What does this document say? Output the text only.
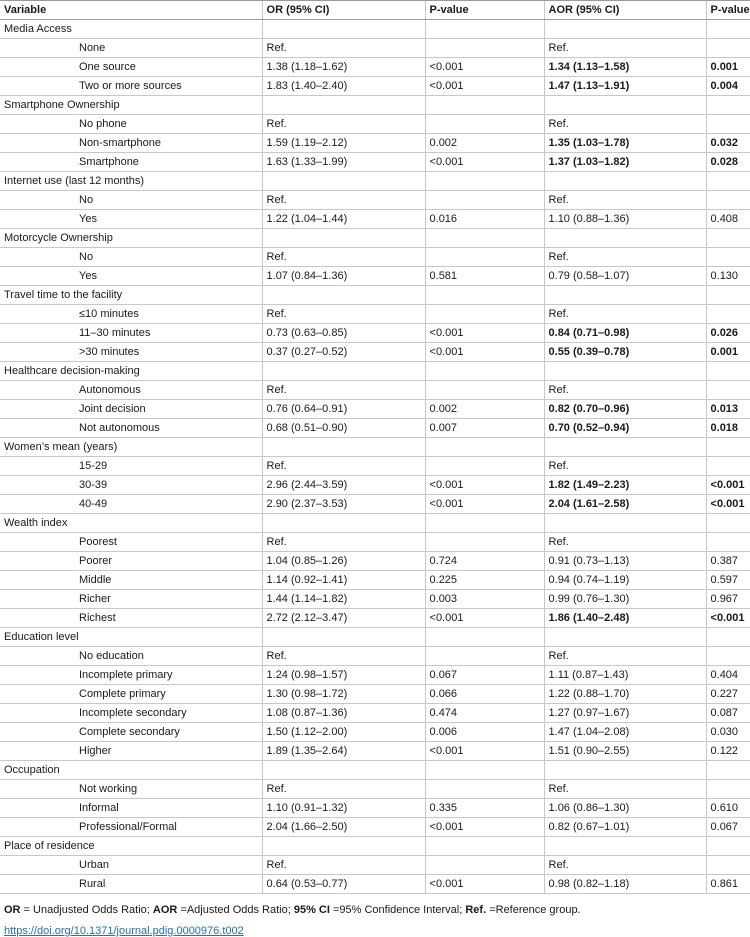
Variable		OR (95% CI)	P-value	AOR (95% CI)	P-value
Media Access					
	None	Ref.		Ref.	
	One source	1.38 (1.18–1.62)	<0.001	1.34 (1.13–1.58)	0.001
	Two or more sources	1.83 (1.40–2.40)	<0.001	1.47 (1.13–1.91)	0.004
Smartphone Ownership					
	No phone	Ref.		Ref.	
	Non-smartphone	1.59 (1.19–2.12)	0.002	1.35 (1.03–1.78)	0.032
	Smartphone	1.63 (1.33–1.99)	<0.001	1.37 (1.03–1.82)	0.028
Internet use (last 12 months)					
	No	Ref.		Ref.	
	Yes	1.22 (1.04–1.44)	0.016	1.10 (0.88–1.36)	0.408
Motorcycle Ownership					
	No	Ref.		Ref.	
	Yes	1.07 (0.84–1.36)	0.581	0.79 (0.58–1.07)	0.130
Travel time to the facility					
	≤10 minutes	Ref.		Ref.	
	11–30 minutes	0.73 (0.63–0.85)	<0.001	0.84 (0.71–0.98)	0.026
	>30 minutes	0.37 (0.27–0.52)	<0.001	0.55 (0.39–0.78)	0.001
Healthcare decision-making					
	Autonomous	Ref.		Ref.	
	Joint decision	0.76 (0.64–0.91)	0.002	0.82 (0.70–0.96)	0.013
	Not autonomous	0.68 (0.51–0.90)	0.007	0.70 (0.52–0.94)	0.018
Women’s mean (years)					
	15-29	Ref.		Ref.	
	30-39	2.96 (2.44–3.59)	<0.001	1.82 (1.49–2.23)	<0.001
	40-49	2.90 (2.37–3.53)	<0.001	2.04 (1.61–2.58)	<0.001
Wealth index					
	Poorest	Ref.		Ref.	
	Poorer	1.04 (0.85–1.26)	0.724	0.91 (0.73–1.13)	0.387
	Middle	1.14 (0.92–1.41)	0.225	0.94 (0.74–1.19)	0.597
	Richer	1.44 (1.14–1.82)	0.003	0.99 (0.76–1.30)	0.967
	Richest	2.72 (2.12–3.47)	<0.001	1.86 (1.40–2.48)	<0.001
Education level					
	No education	Ref.		Ref.	
	Incomplete primary	1.24 (0.98–1.57)	0.067	1.11 (0.87–1.43)	0.404
	Complete primary	1.30 (0.98–1.72)	0.066	1.22 (0.88–1.70)	0.227
	Incomplete secondary	1.08 (0.87–1.36)	0.474	1.27 (0.97–1.67)	0.087
	Complete secondary	1.50 (1.12–2.00)	0.006	1.47 (1.04–2.08)	0.030
	Higher	1.89 (1.35–2.64)	<0.001	1.51 (0.90–2.55)	0.122
Occupation					
	Not working	Ref.		Ref.	
	Informal	1.10 (0.91–1.32)	0.335	1.06 (0.86–1.30)	0.610
	Professional/Formal	2.04 (1.66–2.50)	<0.001	0.82 (0.67–1.01)	0.067
Place of residence					
	Urban	Ref.		Ref.	
	Rural	0.64 (0.53–0.77)	<0.001	0.98 (0.82–1.18)	0.861
OR = Unadjusted Odds Ratio; AOR =Adjusted Odds Ratio; 95% CI =95% Confidence Interval; Ref. =Reference group.
https://doi.org/10.1371/journal.pdig.0000976.t002
